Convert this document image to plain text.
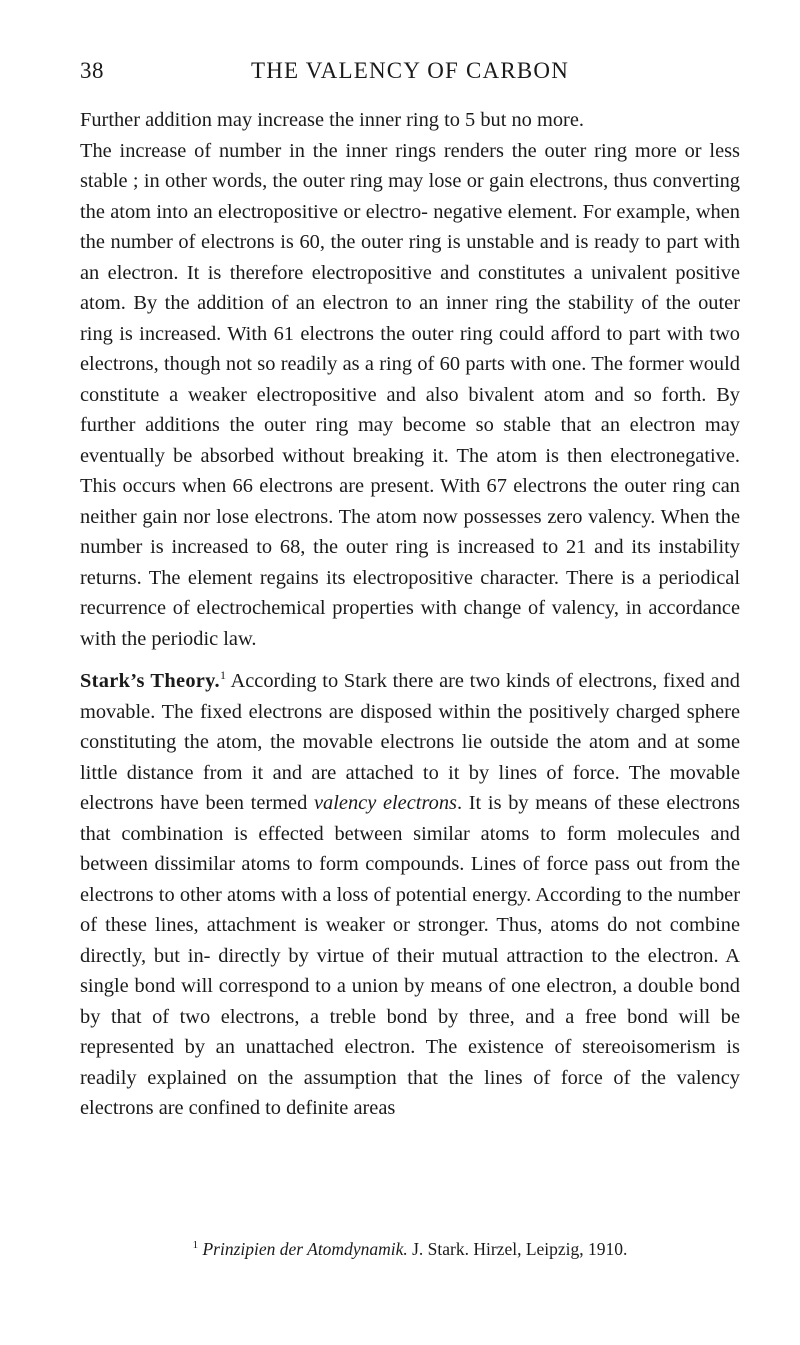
38	THE VALENCY OF CARBON

Further addition may increase the inner ring to 5 but no more.

The increase of number in the inner rings renders the outer ring more or less stable ; in other words, the outer ring may lose or gain electrons, thus converting the atom into an electropositive or electro- negative element. For example, when the number of electrons is 60, the outer ring is unstable and is ready to part with an electron. It is therefore electropositive and constitutes a univalent positive atom. By the addition of an electron to an inner ring the stability of the outer ring is increased. With 61 electrons the outer ring could afford to part with two electrons, though not so readily as a ring of 60 parts with one. The former would constitute a weaker electropositive and also bivalent atom and so forth. By further additions the outer ring may become so stable that an electron may eventually be absorbed without breaking it. The atom is then electronegative. This occurs when 66 electrons are present. With 67 electrons the outer ring can neither gain nor lose electrons. The atom now possesses zero valency. When the number is increased to 68, the outer ring is increased to 21 and its instability returns. The element regains its electropositive character. There is a periodical recurrence of electrochemical properties with change of valency, in accordance with the periodic law.

Stark’s Theory.$^1$ According to Stark there are two kinds of electrons, fixed and movable. The fixed electrons are disposed within the positively charged sphere constituting the atom, the movable electrons lie outside the atom and at some little distance from it and are attached to it by lines of force. The movable electrons have been termed valency electrons. It is by means of these electrons that combination is effected between similar atoms to form molecules and between dissimilar atoms to form compounds. Lines of force pass out from the electrons to other atoms with a loss of potential energy. According to the number of these lines, attachment is weaker or stronger. Thus, atoms do not combine directly, but in- directly by virtue of their mutual attraction to the electron. A single bond will correspond to a union by means of one electron, a double bond by that of two electrons, a treble bond by three, and a free bond will be represented by an unattached electron. The existence of stereoisomerism is readily explained on the assumption that the lines of force of the valency electrons are confined to definite areas

$^1$ Prinzipien der Atomdynamik. J. Stark. Hirzel, Leipzig, 1910.
